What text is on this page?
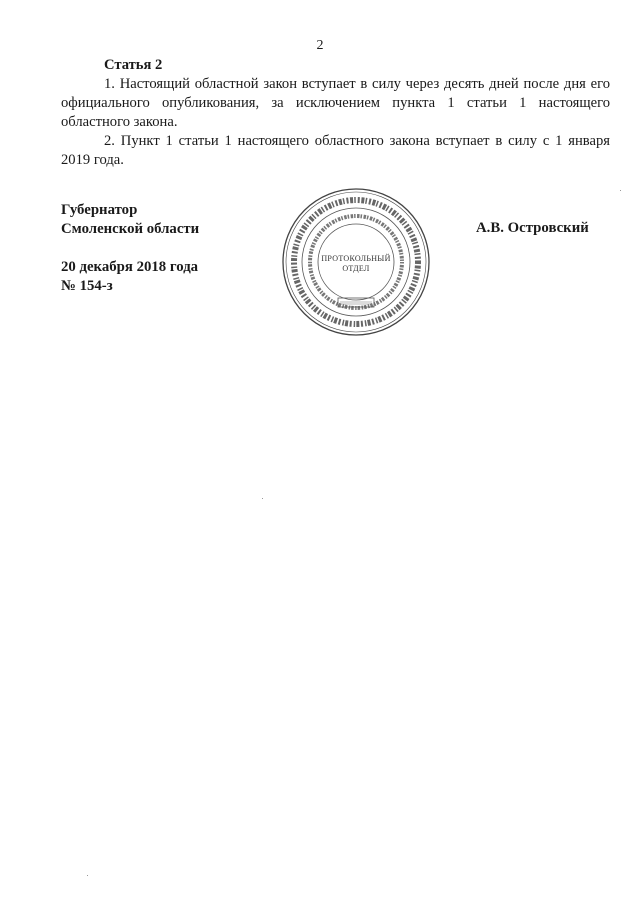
2
Статья 2

1. Настоящий областной закон вступает в силу через десять дней после дня его официального опубликования, за исключением пункта 1 статьи 1 настоящего областного закона.

2. Пункт 1 статьи 1 настоящего областного закона вступает в силу с 1 января 2019 года.

Губернатор
Смоленской области
20 декабря 2018 года
№ 154-з
А.В. Островский
ПРОТОКОЛЬНЫЙ
ОТДЕЛ
